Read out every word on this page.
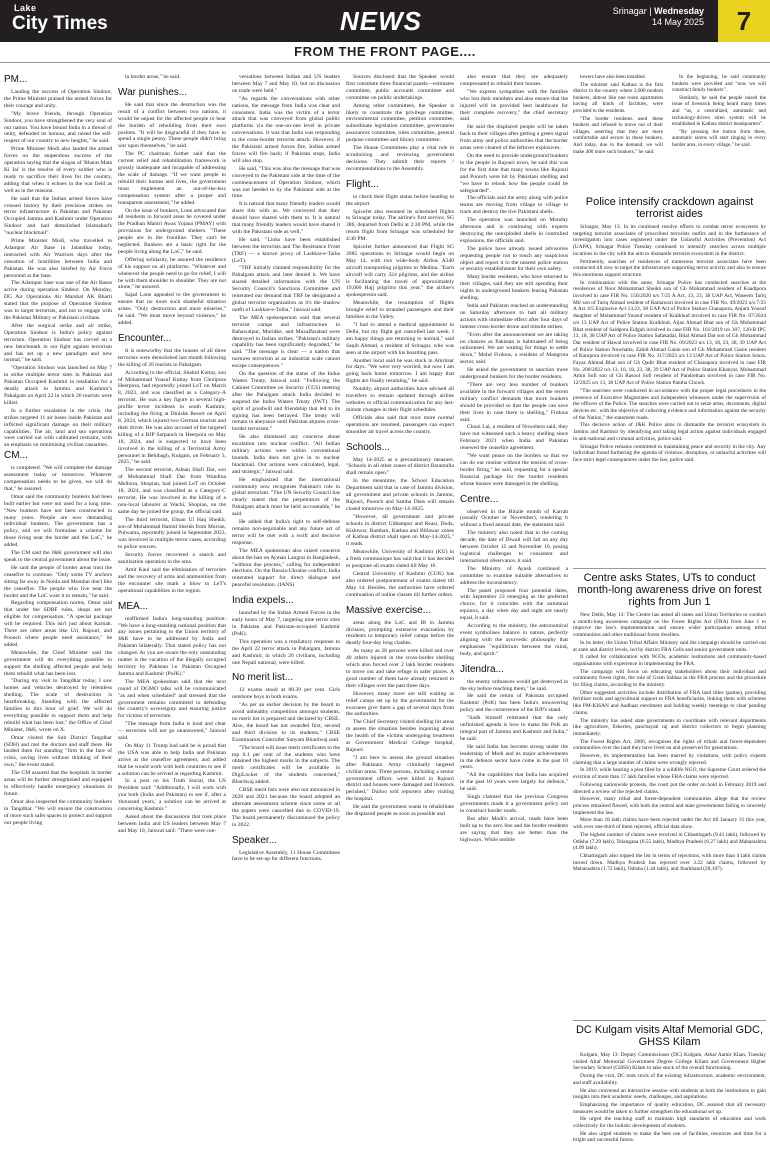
Lake
City Times	NEWS	Srinagar | Wednesday
14 May 2025	7
FROM THE FRONT PAGE....
PM...

Lauding the success of Operation Sindoor, the Prime Minister praised the armed forces for their courage and unity.

"My brave friends, through Operation Sindoor, you have strengthened the very soul of our nation. You have bound India in a thread of unity, defended its honour, and raised the self-respect of our country to new heights," he said.

Prime Minister Modi also lauded the armed forces on the stupendous success of the operation saying that the slogan of 'Bharat Mata Ki Jai' is the resolve of every soldier who is ready to sacrifice their lives for the country, adding that when it echoes in the war field as well as in the mission.

He said that the Indian armed forces have crossed history by their precision strikes on terror infrastructure in Pakistan and Pakistan Occupied Jammu and Kashmir under Operation Sindoor and had demolished Islamabad's "nuclear blackmail".

Prime Minister Modi, who travelled to Adampur Air Base in Jalandhar today, interacted with Air Warriors days after the cessation of hostilities between India and Pakistan. He was also briefed by Air Force personnel at the base.

The Adampur base was one of the Air Bases active during operation Sindoor. On Monday, DG Air Operations Air Marshal AK Bharti stated that the purpose of Operation Sindoor was to target terrorists, and not to engage with the Pakistan Military or Pakistani civilians.

After the surgical strike and air strike, Operation Sindoor is India's policy against terrorism. Operation Sindoor has carved on a new benchmark in our fight against terrorism and has set up a new paradigm and new normal," he said.

"Operation Sindoor was launched on May 7 to strike multiple terror sites in Pakistan and Pakistan Occupied Kashmir in retaliation for a deadly attack in Jammu and Kashmir's Pahalgam on April 22 in which 26 tourists were killed.

In a further escalation in the crisis, the strikes targeted 11 air bases inside Pakistan and inflicted significant damage on their military capabilities. The air, land and sea operations were carried out with calibrated restraint, with an emphasis on minimising civilian casualties.

CM...

is completed. "We will complete the damage assessment today or tomorrow. Whatever compensation needs to be given, we will do that," he assured.

Omar said the community bunkers had been built earlier but were not used for a long time. "New bunkers have not been constructed in many years. People are now demanding individual bunkers. The government has a policy, and we will formulate a scheme for those living near the border and the LoC," he added.

The CM said the J&K government will also speak to the central government about the issue.

He said the people of border areas trust the ceasefire to continue. "Only some TV anchors sitting far away in Noida and Mumbai don't like the ceasefire. The people who live near the border and the LoC want it to remain," he said.

Regarding compensation norms, Omar said that under the SDRF rules, shops are not eligible for compensation. "A special package will be required. This isn't just about Karnah. There are other areas like Uri, Rajouri, and Poonch where people need assistance," he added.

Meanwhile, the Chief Minister said the government will do everything possible to support the shelling affected people and help them rebuild what has been lost.

"During my visit to Tangdhar today, I saw homes and vehicles destroyed by relentless shelling. The scale of destruction is heartbreaking. Standing with the affected families in this hour of grief. We will do everything possible to support them and help rebuild what has been lost," the Office of Chief Minister, J&K, wrote on X.

Omar visited the Sub District Tangdhar (SDH) and met the doctors and staff there. He lauded them for standing "firm in the face of crisis, saving lives without thinking of their own," the event stated.

The CM assured that the hospitals in border areas will be further strengthened and equipped to effectively handle emergency situations in future.

Omar also inspected the community bunkers in Tangdhar. "We will ensure the construction of more such safer spaces to protect and support our people living

in border areas," he said.

War punishes...

He said that since the destruction was the result of a conflict between two nations, it would be unjust for the affected people to bear the burden of rebuilding from their own pockets. "It will be disgraceful if they have to spend a single penny. These people didn't bring war upon themselves," he said.

The PC chairman further said that the current relief and rehabilitation framework is grossly inadequate and incapable of addressing the scale of damage. "If we want people to rebuild their homes and lives, the government must implement an out-of-the-box compensation system after a proper and transparent assessment," he added.

On the issue of bunkers, Lone advocated that all residents in forward areas be covered under the Pradhan Mantri Awas Yojana (PMAY) with provisions for underground shelters. "These people are in the frontline. They can't be neglected. Bunkers are a basic right for the people living along the LoC," he said.

Offering solidarity, he assured the residence of his support on all platforms. "Whatever and whenever the people need to go for relief, I will be with them shoulder to shoulder. They are not alone," he assured.

Sajad Lone appealed to the government to ensure that no more such shameful situation arises. "Only destruction and more miseries," he said. "We must move beyond violence," he added.

Encounter...

It is noteworthy that the houses of all three terrorists were demolished last month following the killing of 26 tourists in Pahalgam.

According to the official, Shahid Kuttay, son of Mohammad Yousuf Kuttay from Chotipora Heerpora, had reportedly joined LeT on March 8, 2023, and was classified as a Category-A terrorist. He was a key figure in several high-profile terror incidents in south Kashmir, including the firing at Dinishk Resort on April 8, 2024, which injured two German tourists and their driver. He was also accused of the targeted killing of a BJP Sarpanch in Heerpora on May 18, 2024, and is suspected to have been involved in the killing of a Territorial Army personnel in Behibagh, Kulgam, on February 3, 2025," he said.

The second terrorist, Adnan Shafi Dar, son of Mohammad Shafi Dar from Wandina Melhora, Shopian, had joined LeT on October 18, 2024, and was classified as a Category-C terrorist. He was involved in the killing of a non-local labourer at Wachi, Shopian, on the same day he joined the group, the official said.

The third terrorist, Ehsan Ul Haq Sheikh, son of Mohammad Hamid Sheikh from Murran, Pulwama, reportedly joined in September 2023, was involved in multiple terror cases, according to police sources.

Security forces recovered a search and sanitisation operation in the area.

Amit Kaul said the elimination of terrorists and the recovery of arms and ammunition from the encounter site mark a blow to LeT's operational capabilities in the region.

MEA...

reaffirmed India's long-standing position: "We have a long-standing national position that any issues pertaining to the Union territory of J&K have to be addressed by India and Pakistan bilaterally. That stated policy has not changed. As you are aware the only outstanding matter is the vacation of the illegally occupied territory by Pakistan i.e. Pakistan Occupied Jammu and Kashmir (PoJK)."

The MEA spokesman said that the next round of DGMO talks will be communicated "as and when scheduled" and stressed that the government remains committed to defending the country's sovereignty and ensuring justice for victims of terrorism.

"The message from India is loud and clear — terrorism will not go unanswered," Jaiswal said.

On May 11 Trump had said he is proud that the USA was able to help India and Pakistan arrive at the ceasefire agreement, and added that he would work with both countries to see if a solution can be arrived at regarding Kashmir.

In a post on his Truth Social, the US President said: "Additionally, I will work with you both (India and Pakistan) to see if, after a 'thousand years,' a solution can be arrived at concerning Kashmir."

Asked about the discussions that took place between India and US leaders between May 7 and May 10, Jaiswal said: "There were con-

versations between Indian and US leaders between May 7 and May 10, but no discussion on trade were held."

"As regards the conversations with other nations, the message from India was clear and consistent. India was the victim of a terror attack that was conveyed from global public platforms via the one-on-one level in private conversations. It was that India was responding to the cross-border terrorist attack. However, if the Pakistani armed forces fire, Indian armed forces will fire back; if Pakistan stops, India will also stop.

He said, "This was also the message that was conveyed to the Pakistani side at the time of the commencement of Operation Sindoor, which was not heeded to by the Pakistani side at the time.

It is natural that many friendly leaders would share this with us. We conveyed that they should have shared with them to. It is natural that many friendly leaders would have shared it with the Pakistani side as well."

He said, "Links have been established between the terrorists and The Resistance Front (TRF) — a known proxy of Lashkar-e-Taiba (LeT).

"TRF initially claimed responsibility for the Pahalgam attack and later denied it. We have shared detailed information with the UN Security Council's Sanctions Committee and reiterated our demand that TRF be designated a global terrorist organization as it's the shadow outfit of Lashkar-e-Toiba," Jaiswal said.

The MEA spokesperson said that several terrorist camps and infrastructure in Bahawalpur, Muridke, and Muzaffarabad were destroyed in Indian strikes. "Pakistan's military capability has been significantly degraded," he said. "The message is clear — a nation that nurtures terrorism at an industrial scale cannot escape consequences."

On the question of the status of the Indus Waters Treaty, Jaiswal said: "Following the Cabinet Committee on Security (CCS) meeting after the Pahalgam attack India decided to suspend the Indus Waters Treaty (IWT). The spirit of goodwill and friendship that led to its signing has been betrayed. The treaty will remain in abeyance until Pakistan abjures cross-border terrorism."

He also dismissed any concerns about escalation into nuclear conflict. "All Indian military actions were within conventional bounds. India does not give in to nuclear blackmail. Our actions were calculated, legal, and strategic," Jaiswal said.

He emphasized that the international community now recognises Pakistan's role in global terrorism. "The UN Security Council has clearly stated that the perpetrators of the Pahalgam attack must be held accountable," he said.

He added that India's right to self-defense remains non-negotiable and any future act of terror will be met with a swift and decisive response.

The MEA spokesman also raised concerns about the ban on Ayman Langrar in Bangladesh, "without due process," calling for independent elections. On the Russia-Ukraine conflict, India reiterated support for direct dialogue and peaceful resolution. (IANS)

India expels...

launched by the Indian Armed Forces in the early hours of May 7, targeting nine terror sites in Pakistan and Pakistan-occupied Kashmir (PoK).

This operation was a retaliatory response to the April 22 terror attack in Pahalgam, Jammu and Kashmir, in which 26 civilians, including one Nepali national, were killed.

No merit list...

12 exams stood at 88.39 per cent. Girls outshone boys in both exams.

"As per an earlier decision by the board to avoid unhealthy competition amongst students, no merit list is prepared and declared by CBSE. Also, the board has not awarded first, second and third division to its students," CBSE Examination Controller Sanyam Bhardwaj said.

"The board will issue merit certificates to the top 0.1 per cent of the students who have obtained the highest marks in the subjects. The merit certificates will be available in DigiLocker of the students concerned," Bhardwaj added.

CBSE merit lists were also not announced in 2020 and 2021 because the board adopted an alternate assessment scheme since some or all the papers were cancelled due to COVID-19. The board permanently discontinued the policy in 2022.

Speaker...

Legislative Assembly, 11 House Committees have to be set-up for different functions.

Sources disclosed that the Speaker would first constitute three financial panels—estimates committee, public accounts committee and committee on public undertakings.

Among other committees, the Speaker is likely to constitute the privilege committee, environmental committee, petition committee, subordinate legislation committee, government assurances committee, rules committee, general purpose committee and library committee.

The House Committees play a vital role in scrutinizing and reviewing government decisions. They submit their reports / recommendations to the Assembly.

Flight...

to check their flight status before heading to the airport.

SpiceJet also resumed its scheduled flights to Srinagar today. The airline's first service, SG 386, departed from Delhi at 2:30 PM, while the return flight from Srinagar was scheduled for 4:30 PM.

SpiceJet further announced that Flight SG 3985 operations to Srinagar would begin on May 14, with two wide-body Airbus A340 aircraft transporting pilgrims to Medina. "Each aircraft will carry 324 pilgrims, and the airline is facilitating the travel of approximately 19,000 Hajj pilgrims this year," the airline's spokesperson said.

Meanwhile, the resumption of flights brought relief to stranded passengers and their families in the Valley.

"I had to attend a medical appointment in Delhi, but my flight got cancelled last week. I am happy things are returning to normal," said Saqib Ahmad, a resident of Srinagar, who was seen at the airport with his boarding pass.

Another local said he was stuck in Amritsar for days. "We were very worried, but now I am going back home tomorrow. I am happy that flights are finally resuming," he said.

Notably, airport authorities have advised all travellers to remain updated through airline websites or official communication for any last-minute changes in their flight schedules.

Officials also said that once more normal operations are resumed, passengers can expect smoother air travel across the country.

Schools...

May 14-2025 as a precautionary measure. "Schools in all other zones of district Baramulla shall remain open."

In the meantime, the School Education Department said that in case of Jammu division, all government and private schools in Jammu, Rajouri, Poonch and Samba Dists will remain closed tomorrow on May-14-2025.

"However, all government and private schools in district Udhampur and Reasi, Doda, Kishtwar, Ramban, Kathua and Billawar zones of Kathua district shall open on May-14-2025," it reads.

Meanwhile, University of Kashmir (KU) in a fresh communique has said that it has decided to postpone all exams slated till May 16.

Central University of Kashmir (CUK) has also ordered postponement of exams slated till May 14. Besides, the authorities have ordered continuation of online classes till further orders.

Massive exercise...

areas along the LoC and IB in Jammu division, prompting extensive evacuation by residents to temporary relief camps before the deadly four-day long clashes.

As many as 28 persons were killed and over 40 others injured in the cross-border shelling which also forced over 2 lakh border residents to move out and take refuge in safer places. A good number of them have already returned to their villages over the past three days.

However, many more are still waiting as relief camps set up by the government for the evacuees give them a gap of several days from the authorities.

The Chief Secretary visited shelling hit areas to assess the situation besides inquiring about the health of the victims undergoing treatment at Government Medical College hospital, Rajouri.

"I am here to assess the ground situation after Pakistani Army criminally targeted civilian areas. Three persons, including a senior government officer, were killed in Rajouri district and houses were damaged and livestock perished," Dulloo told reporters after visiting the hospital.

He said the government wants to rehabilitate the displaced people as soon as possible and

also ensure that they are adequately compensated to rebuild their houses.

"We express sympathies with the families who lost their members and also ensure that the injured will be provided best healthcare for their complete recovery," the chief secretary said.

He said the displaced people will be taken back to their villages after getting a green signal from army and police authorities that the border areas were cleared of the leftover explosives.

On the need to provide underground bunkers to the people in Rajouri town, he said this was for the first time that many towns like Rajouri and Poonch were hit by Pakistani shelling and "we have to relook how the people could be safeguarded".

The officials said the army along with police teams are moving from village to village to track and destroy the live Pakistani shells.

The operation was launched on Monday afternoon and is continuing with experts destroying the unexploded shells in controlled explosions, the officials said.

The police have already issued advisories requesting people not to touch any suspicious object and report it to the nearest police station or security establishment for their own safety.

Many border residents, who have returned to their villages, said they are still spending their nights in underground bunkers fearing Pakistan shelling.

India and Pakistan reached an understanding on Saturday afternoon to halt all military actions with immediate effect after four days of intense cross-border drone and missile strikes.

"Even after the announcement we are taking no chances as Pakistan is habituated of being unlicensed. We are waiting for things to settle down," Mohd Firdous, a resident of Mangrota sector, said.

He asked the government to sanction more underground bunkers for the border residents.

"There are very less number of bunkers available in the forward villages and the recent military conflict demands that more bunkers should be provided so that the people can save their lives in case there is shelling," Firdous said.

Chuni Lal, a resident of Nowshera said, they have not witnessed such a heavy shelling since February 2021 when India and Pakistan renewed the ceasefire agreement.

"We want peace on the borders so that we can do our routine without the tension of cross-border firing," he said, requesting for a special financial package for the border residents whose houses were damaged in the shelling.

Centre...

observed in the Hinzle month of Karrah (usually October or November), rendering it without a fixed annual date, the statement said.

The ministry also noted that in the coming decade, the date of Diwali will fall on any day between October 15 and November 10, posing logistical challenges to consistent and international observance, it said.

The Ministry of Ayush continued a committee to examine suitable alternatives to address the inconsistency.

The panel proposed four potential dates, with September 23 emerging as the preferred choice, for it coincides with the autumnal equinox, a day when day and night are nearly equal, it said.

According to the ministry, the astronomical event symbolises balance in nature, perfectly aligning with the ayurvedic philosophy that emphasises "equilibrium between the mind, body, and spirit."

Jitendra...

the enemy ordnances would get destroyed in the sky before reaching them," he said.

He said the return of Pakistan occupied Kashmir (PoK) has been India's unwavering policy and the cornerstone of the BJP's stand.

"Sadh himself reiterated that the only unfinished agenda is how to make the PoK an integral part of Jammu and Kashmir and India," he said.

He said India has become strong under the leadership of Modi and its major achievements in the defence sector have come in the past 10 years.

"All the capabilities that India has acquired in the past 10 years were largely for defence," he said.

Singh claimed that the previous Congress governments made it a government policy not to construct border roads.

But after Modi's arrival, roads have been built up to the zero line and the border residents are saying that they are better than the highways. While mobile

towers have also been installed.

The minister said Kathua is the first district in the country where 2,000 modern bunkers, almost like one room apartments having all kinds of facilities, were provided to the residents.

"The border residents used these bunkers and refused to move out of their villages, asserting that they are more comfortable and secure in these bunkers. And today, due to the demand, we will make 400 more such bunkers," he said.

In the beginning, he said community bunkers were provided and "now we will construct family bunkers".

Similarly, he said the people raised the issue of livestock being heard many times and "us, a centralized, automatic and technology-driven siren system will be established in Kathua district headquarters".

"By pressing the button from there, automatic sirens will start ringing in every border area, in every village," he said.

Police intensify crackdown against terrorist aides

Srinagar, May 13: In its continued resolve efforts to combat terror ecosystem by targeting terrorist associates of proscribed terrorists outfits and in the furtherance of investigation into cases registered under the Unlawful Activities (Prevention) Act (UAPA), Srinagar Police Tuesday continued to intensify searches across multiple locations in the city with the aim to dismantle terrorist ecosystem in the district.

Pertinently, searches of residences of numerous terrorist associates have been conducted till now to target the infrastructure supporting terror activity and also to ensure this enormous support structure.

In continuation with the same, Srinagar Police has conducted searches at the residences of Noor Mohammad Sheikh son of Gh Mohammad resident of Kaadipora involved in case FIR No. 156/2020 u/s 7/25 A Act, 13, 23, 38 UAP Act, Waseem Tariq Mir son of Tariq Ahmad resident of Rainawari involved in case FIR No. 49/2023 u/s 7/25 A Act 4/5 Explosive Act 13,23, 38 UAP Act of Police Station Chanapora, Anjum Yousuf daughter of Mohammad Yousuf resident of Kralkhud involved in case FIR No. 07/2024 u/s 13 UAP Act of Police Station Kralkhud, Aijaz Ahmad Bhat son of Gh Mohammad Bhat resident of Saidpora Eidgah involved in case FIR No. 161/2019 u/s 307, 120-B IPC 13, 18, 38 UAP Act of Police Station Safakadal, Bilal Ahmad Dar son of Gh Mohammad Dar resident of Hawal involved in case FIR No. 09/2023 u/s 13, 18, 23, 38, 39 UAP Act of Police Station Nowhatta, Zahid Ahmad Ganie son of Gh Mohammad Ganie resident of Kanipora involved in case FIR No. 117/2023 u/s 13 UAP Act of Police Station Soura, Fayaz Ahmad Bhat son of Gh Qadir Bhat resident of Chanapora involved in case FIR No. 200/2022 u/s 13, 16, 18, 23, 38, 39 UAP Act of Police Station Khanyar, Mohammad Amin Sofi son of Gh Rasool Sofi resident of Pandrethan involved in case FIR No. 12/2025 u/s 13, 18 UAP Act of Police Station Pantha Chowk.

"The searches were conducted in accordance with the proper legal procedures in the presence of Executive Magistrates and independent witnesses under the supervision of the officers of the Police. The searches were carried out to seize arms, documents, digital devices etc. with the objective of collecting evidence and information against the security of the Nation," the statement reads.

This decisive action of J&K Police aims to dismantle the terrorist ecosystem in Jammu and Kashmir by identifying and taking legal action against individuals engaged in anti-national and criminal activities, police said.

Srinagar Police remains committed to maintaining peace and security in the city. Any individual found furthering the agenda of violence, disruption, or unlawful activities will face strict legal consequences under the law, police said.

Centre asks States, UTs to conduct month-long awareness drive on forest rights from Jun 1

New Delhi, May 13: The Centre has asked all states and Union Territories to conduct a month-long awareness campaign on the Forest Rights Act (FRA) from June 1 to improve the law's implementation and ensure wider participation among tribal communities and other traditional forest dwellers.

In its letter, the Union Tribal Affairs Ministry said the campaign should be carried out at state and district levels, led by district FRA Cells and senior government units.

It called for collaboration with NGOs, academic institutions and community-based organisations with experience in implementing the FRA.

The campaign will focus on educating stakeholders about their individual and community forest rights, the role of Gram Sabhas in the FRA process and the procedure for filing claims, according to the ministry.

Other suggested activities include distribution of FRA land titles (pattas), providing fertiliser tools and agricultural support to FRA beneficiaries, linking them with schemes like PM-KISAN and Aadhaar enrolment and holding weekly meetings to clear pending claims.

The ministry has asked state governments to coordinate with relevant departments like agriculture, fisheries, panchayati raj and district collectors to begin planning immediately.

The Forest Rights Act, 2006, recognises the rights of tribals and forest-dependent communities over the land they have lived on and preserved for generations.

However, its implementation has been marred by violations, with policy experts claiming that a large number of claims were wrongly rejected.

In 2019, while hearing a plea filed by a wildlife NGO, the Supreme Court ordered the eviction of more than 17 lakh families whose FRA claims were rejected.

Following nationwide protests, the court put the order on hold in February 2019 and directed a review of the rejected claims.

However, many tribal and forest-dependent communities allege that the review process remained flawed, with both the central and state governments failing to sincerely implement the law.

More than 18 lakh claims have been rejected under the Act till January 31 this year, with over one-third of them rejected, official data show.

The highest number of claims were received in Chhattisgarh (9.41 lakh), followed by Odisha (7.29 lakh), Telangana (6.55 lakh), Madhya Pradesh (6.27 lakh) and Maharashtra (4.09 lakh).

Chhattisgarh also topped the list in terms of rejections, with more than 4 lakh claims turned down. Madhya Pradesh has rejected over 3.22 lakh claims, followed by Maharashtra (1.72 lakh), Odisha (1.44 lakh), and Jharkhand (28,107).

DC Kulgam visits Altaf Memorial GDC, GHSS Kilam

Kulgam, May 13: Deputy Commissioner (DC) Kulgam, Athar Aamir Khan, Tuesday visited Altaf Memorial Government Degree College Kilam and Government Higher Secondary School (GHSS) Kilam to take stock of the overall functioning.

During the visit, DC took stock of the existing infrastructure, academic environment, and staff availability.

He also convened an interactive session with students at both the institutions to gain insights into their academic needs, challenges, and aspirations.

Emphasizing the importance of quality education, DC assured that all necessary measures would be taken to further strengthen the educational set up.

He urged the teaching staff to maintain high standards of education and work collectively for the holistic development of students.

He also urged students to make the best use of facilities, resources and time for a bright and successful future.
